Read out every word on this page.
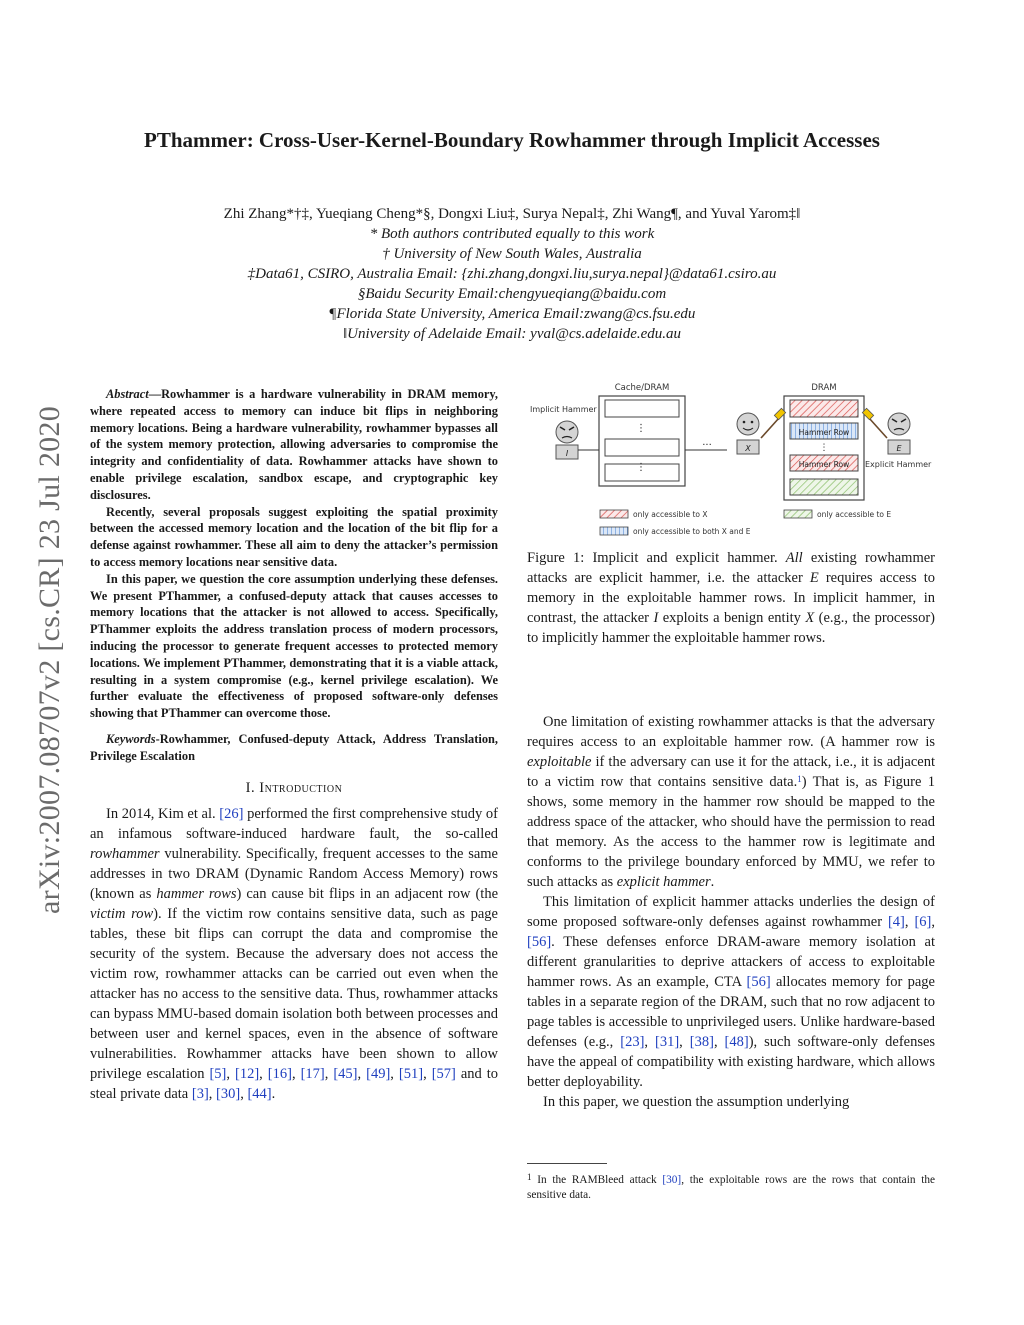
arXiv:2007.08707v2 [cs.CR] 23 Jul 2020
PThammer: Cross-User-Kernel-Boundary Rowhammer through Implicit Accesses
Zhi Zhang*†‡, Yueqiang Cheng*§, Dongxi Liu‡, Surya Nepal‡, Zhi Wang¶, and Yuval Yarom‡‖
* Both authors contributed equally to this work
† University of New South Wales, Australia
‡Data61, CSIRO, Australia Email: {zhi.zhang,dongxi.liu,surya.nepal}@data61.csiro.au
§Baidu Security Email:chengyueqiang@baidu.com
¶Florida State University, America Email:zwang@cs.fsu.edu
‖University of Adelaide Email: yval@cs.adelaide.edu.au

Abstract—Rowhammer is a hardware vulnerability in DRAM memory, where repeated access to memory can induce bit flips in neighboring memory locations. Being a hardware vulnerability, rowhammer bypasses all of the system memory protection, allowing adversaries to compromise the integrity and confidentiality of data. Rowhammer attacks have shown to enable privilege escalation, sandbox escape, and cryptographic key disclosures.

Recently, several proposals suggest exploiting the spatial proximity between the accessed memory location and the location of the bit flip for a defense against rowhammer. These all aim to deny the attacker’s permission to access memory locations near sensitive data.

In this paper, we question the core assumption underlying these defenses. We present PThammer, a confused-deputy attack that causes accesses to memory locations that the attacker is not allowed to access. Specifically, PThammer exploits the address translation process of modern processors, inducing the processor to generate frequent accesses to protected memory locations. We implement PThammer, demonstrating that it is a viable attack, resulting in a system compromise (e.g., kernel privilege escalation). We further evaluate the effectiveness of proposed software-only defenses showing that PThammer can overcome those.

Keywords-Rowhammer, Confused-deputy Attack, Address Translation, Privilege Escalation

I. Introduction

In 2014, Kim et al. [26] performed the first comprehensive study of an infamous software-induced hardware fault, the so-called rowhammer vulnerability. Specifically, frequent accesses to the same addresses in two DRAM (Dynamic Random Access Memory) rows (known as hammer rows) can cause bit flips in an adjacent row (the victim row). If the victim row contains sensitive data, such as page tables, these bit flips can corrupt the data and compromise the security of the system. Because the adversary does not access the victim row, rowhammer attacks can be carried out even when the attacker has no access to the sensitive data. Thus, rowhammer attacks can bypass MMU-based domain isolation both between processes and between user and kernel spaces, even in the absence of software vulnerabilities. Rowhammer attacks have been shown to allow privilege escalation [5], [12], [16], [17], [45], [49], [51], [57] and to steal private data [3], [30], [44].

Cache/DRAM	DRAM
⋮
⋮
Hammer Row
⋮
Hammer Row
Implicit Hammer
I
···	X	E
Explicit Hammer
only accessible to X
only accessible to both X and E
only accessible to E

Figure 1: Implicit and explicit hammer. All existing rowhammer attacks are explicit hammer, i.e. the attacker E requires access to memory in the exploitable hammer rows. In implicit hammer, in contrast, the attacker I exploits a benign entity X (e.g., the processor) to implicitly hammer the exploitable hammer rows.

One limitation of existing rowhammer attacks is that the adversary requires access to an exploitable hammer row. (A hammer row is exploitable if the adversary can use it for the attack, i.e., it is adjacent to a victim row that contains sensitive data.$^1$) That is, as Figure 1 shows, some memory in the hammer row should be mapped to the address space of the attacker, who should have the permission to read that memory. As the access to the hammer row is legitimate and conforms to the privilege boundary enforced by MMU, we refer to such attacks as explicit hammer.

This limitation of explicit hammer attacks underlies the design of some proposed software-only defenses against rowhammer [4], [6], [56]. These defenses enforce DRAM-aware memory isolation at different granularities to deprive attackers of access to exploitable hammer rows. As an example, CTA [56] allocates memory for page tables in a separate region of the DRAM, such that no row adjacent to page tables is accessible to unprivileged users. Unlike hardware-based defenses (e.g., [23], [31], [38], [48]), such software-only defenses have the appeal of compatibility with existing hardware, which allows better deployability.

In this paper, we question the assumption underlying

$^1$ In the RAMBleed attack [30], the exploitable rows are the rows that contain the sensitive data.
